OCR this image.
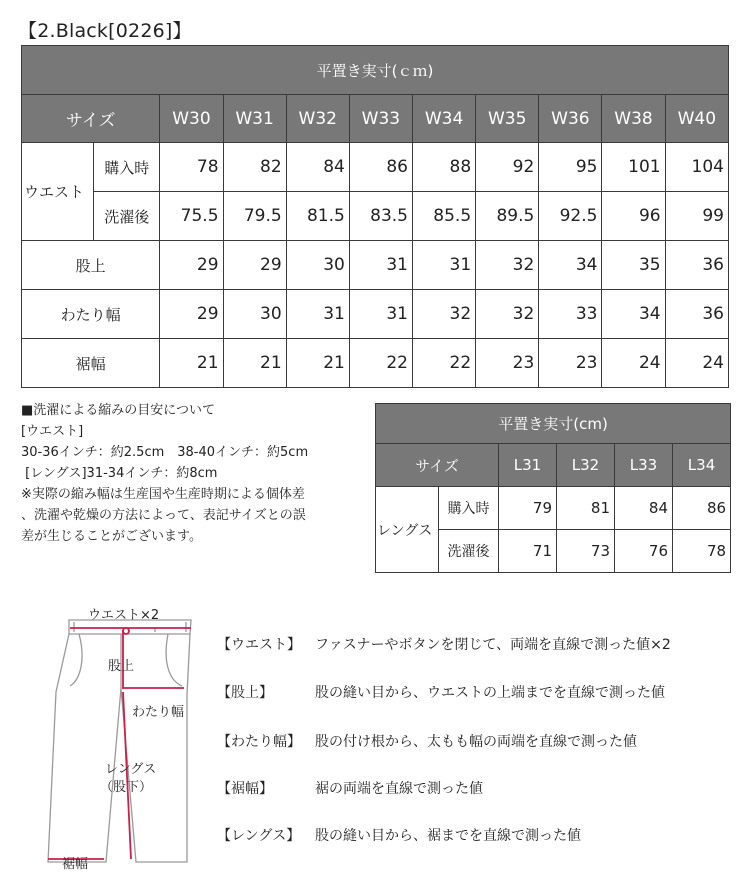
【2.Black[0226]】
平置き実寸(ｃｍ)										
サイズ		W30	W31	W32	W33	W34	W35	W36	W38	W40
ウエスト	購入時	78	82	84	86	88	92	95	101	104
	洗濯後	75.5	79.5	81.5	83.5	85.5	89.5	92.5	96	99
股上		29	29	30	31	31	32	34	35	36
わたり幅		29	30	31	31	32	32	33	34	36
裾幅		21	21	21	22	22	23	23	24	24
■洗濯による縮みの目安について
[ウエスト]
30-36インチ：約2.5cm　38-40インチ：約5cm
[レングス]31-34インチ：約8cm
※実際の縮み幅は生産国や生産時期による個体差
、洗濯や乾燥の方法によって、表記サイズとの誤
差が生じることがございます。
平置き実寸(cm)					
サイズ		L31	L32	L33	L34
レングス	購入時	79	81	84	86
	洗濯後	71	73	76	78
ウエスト×2
股上
わたり幅
レングス
（股下）
裾幅
【ウエスト】 ファスナーやボタンを閉じて、両端を直線で測った値×2
【股上】	股の縫い目から、ウエストの上端までを直線で測った値
【わたり幅】 股の付け根から、太もも幅の両端を直線で測った値
【裾幅】	裾の両端を直線で測った値
【レングス】 股の縫い目から、裾までを直線で測った値
